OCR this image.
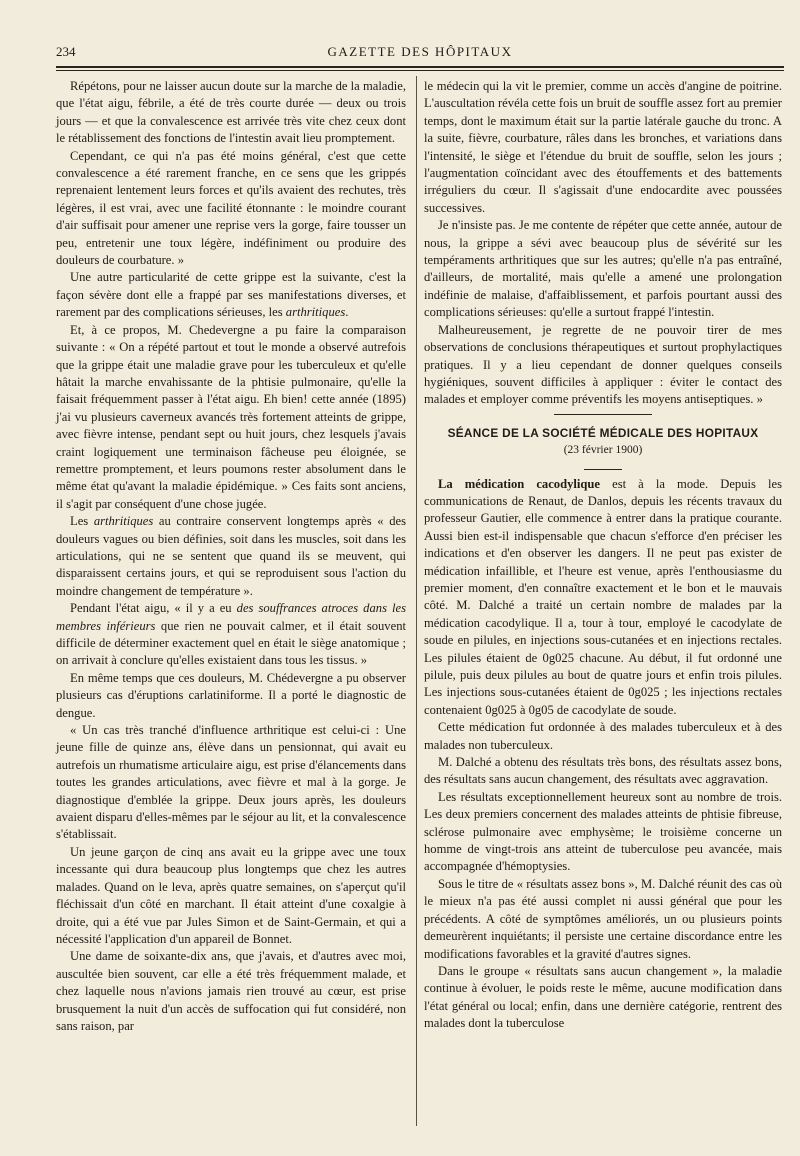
234	GAZETTE DES HÔPITAUX

Répétons, pour ne laisser aucun doute sur la marche de la maladie, que l'état aigu, fébrile, a été de très courte durée — deux ou trois jours — et que la convalescence est arrivée très vite chez ceux dont le rétablissement des fonctions de l'intestin avait lieu promptement.

Cependant, ce qui n'a pas été moins général, c'est que cette convalescence a été rarement franche, en ce sens que les grippés reprenaient lentement leurs forces et qu'ils avaient des rechutes, très légères, il est vrai, avec une facilité étonnante : le moindre courant d'air suffisait pour amener une reprise vers la gorge, faire tousser un peu, entretenir une toux légère, indéfiniment ou produire des douleurs de courbature. »

Une autre particularité de cette grippe est la suivante, c'est la façon sévère dont elle a frappé par ses manifestations diverses, et rarement par des complications sérieuses, les arthritiques.

Et, à ce propos, M. Chedevergne a pu faire la comparaison suivante : « On a répété partout et tout le monde a observé autrefois que la grippe était une maladie grave pour les tuberculeux et qu'elle hâtait la marche envahissante de la phtisie pulmonaire, qu'elle la faisait fréquemment passer à l'état aigu. Eh bien! cette année (1895) j'ai vu plusieurs caverneux avancés très fortement atteints de grippe, avec fièvre intense, pendant sept ou huit jours, chez lesquels j'avais craint logiquement une terminaison fâcheuse peu éloignée, se remettre promptement, et leurs poumons rester absolument dans le même état qu'avant la maladie épidémique. » Ces faits sont anciens, il s'agit par conséquent d'une chose jugée.

Les arthritiques au contraire conservent longtemps après « des douleurs vagues ou bien définies, soit dans les muscles, soit dans les articulations, qui ne se sentent que quand ils se meuvent, qui disparaissent certains jours, et qui se reproduisent sous l'action du moindre changement de température ».

Pendant l'état aigu, « il y a eu des souffrances atroces dans les membres inférieurs que rien ne pouvait calmer, et il était souvent difficile de déterminer exactement quel en était le siège anatomique ; on arrivait à conclure qu'elles existaient dans tous les tissus. »

En même temps que ces douleurs, M. Chédevergne a pu observer plusieurs cas d'éruptions carlatiniforme. Il a porté le diagnostic de dengue.

« Un cas très tranché d'influence arthritique est celui-ci : Une jeune fille de quinze ans, élève dans un pensionnat, qui avait eu autrefois un rhumatisme articulaire aigu, est prise d'élancements dans toutes les grandes articulations, avec fièvre et mal à la gorge. Je diagnostique d'emblée la grippe. Deux jours après, les douleurs avaient disparu d'elles-mêmes par le séjour au lit, et la convalescence s'établissait.

Un jeune garçon de cinq ans avait eu la grippe avec une toux incessante qui dura beaucoup plus longtemps que chez les autres malades. Quand on le leva, après quatre semaines, on s'aperçut qu'il fléchissait d'un côté en marchant. Il était atteint d'une coxalgie à droite, qui a été vue par Jules Simon et de Saint-Germain, et qui a nécessité l'application d'un appareil de Bonnet.

Une dame de soixante-dix ans, que j'avais, et d'autres avec moi, auscultée bien souvent, car elle a été très fréquemment malade, et chez laquelle nous n'avions jamais rien trouvé au cœur, est prise brusquement la nuit d'un accès de suffocation qui fut considéré, non sans raison, par

le médecin qui la vit le premier, comme un accès d'angine de poitrine. L'auscultation révéla cette fois un bruit de souffle assez fort au premier temps, dont le maximum était sur la partie latérale gauche du tronc. A la suite, fièvre, courbature, râles dans les bronches, et variations dans l'intensité, le siège et l'étendue du bruit de souffle, selon les jours ; l'augmentation coïncidant avec des étouffements et des battements irréguliers du cœur. Il s'agissait d'une endocardite avec poussées successives.

Je n'insiste pas. Je me contente de répéter que cette année, autour de nous, la grippe a sévi avec beaucoup plus de sévérité sur les tempéraments arthritiques que sur les autres; qu'elle n'a pas entraîné, d'ailleurs, de mortalité, mais qu'elle a amené une prolongation indéfinie de malaise, d'affaiblissement, et parfois pourtant aussi des complications sérieuses: qu'elle a surtout frappé l'intestin.

Malheureusement, je regrette de ne pouvoir tirer de mes observations de conclusions thérapeutiques et surtout prophylactiques pratiques. Il y a lieu cependant de donner quelques conseils hygiéniques, souvent difficiles à appliquer : éviter le contact des malades et employer comme préventifs les moyens antiseptiques. »

SÉANCE DE LA SOCIÉTÉ MÉDICALE DES HOPITAUX
(23 février 1900)

La médication cacodylique est à la mode. Depuis les communications de Renaut, de Danlos, depuis les récents travaux du professeur Gautier, elle commence à entrer dans la pratique courante. Aussi bien est-il indispensable que chacun s'efforce d'en préciser les indications et d'en observer les dangers. Il ne peut pas exister de médication infaillible, et l'heure est venue, après l'enthousiasme du premier moment, d'en connaître exactement et le bon et le mauvais côté. M. Dalché a traité un certain nombre de malades par la médication cacodylique. Il a, tour à tour, employé le cacodylate de soude en pilules, en injections sous-cutanées et en injections rectales. Les pilules étaient de 0g025 chacune. Au début, il fut ordonné une pilule, puis deux pilules au bout de quatre jours et enfin trois pilules. Les injections sous-cutanées étaient de 0g025 ; les injections rectales contenaient 0g025 à 0g05 de cacodylate de soude.

Cette médication fut ordonnée à des malades tuberculeux et à des malades non tuberculeux.

M. Dalché a obtenu des résultats très bons, des résultats assez bons, des résultats sans aucun changement, des résultats avec aggravation.

Les résultats exceptionnellement heureux sont au nombre de trois. Les deux premiers concernent des malades atteints de phtisie fibreuse, sclérose pulmonaire avec emphysème; le troisième concerne un homme de vingt-trois ans atteint de tuberculose peu avancée, mais accompagnée d'hémoptysies.

Sous le titre de « résultats assez bons », M. Dalché réunit des cas où le mieux n'a pas été aussi complet ni aussi général que pour les précédents. A côté de symptômes améliorés, un ou plusieurs points demeurèrent inquiétants; il persiste une certaine discordance entre les modifications favorables et la gravité d'autres signes.

Dans le groupe « résultats sans aucun changement », la maladie continue à évoluer, le poids reste le même, aucune modification dans l'état général ou local; enfin, dans une dernière catégorie, rentrent des malades dont la tuberculose
